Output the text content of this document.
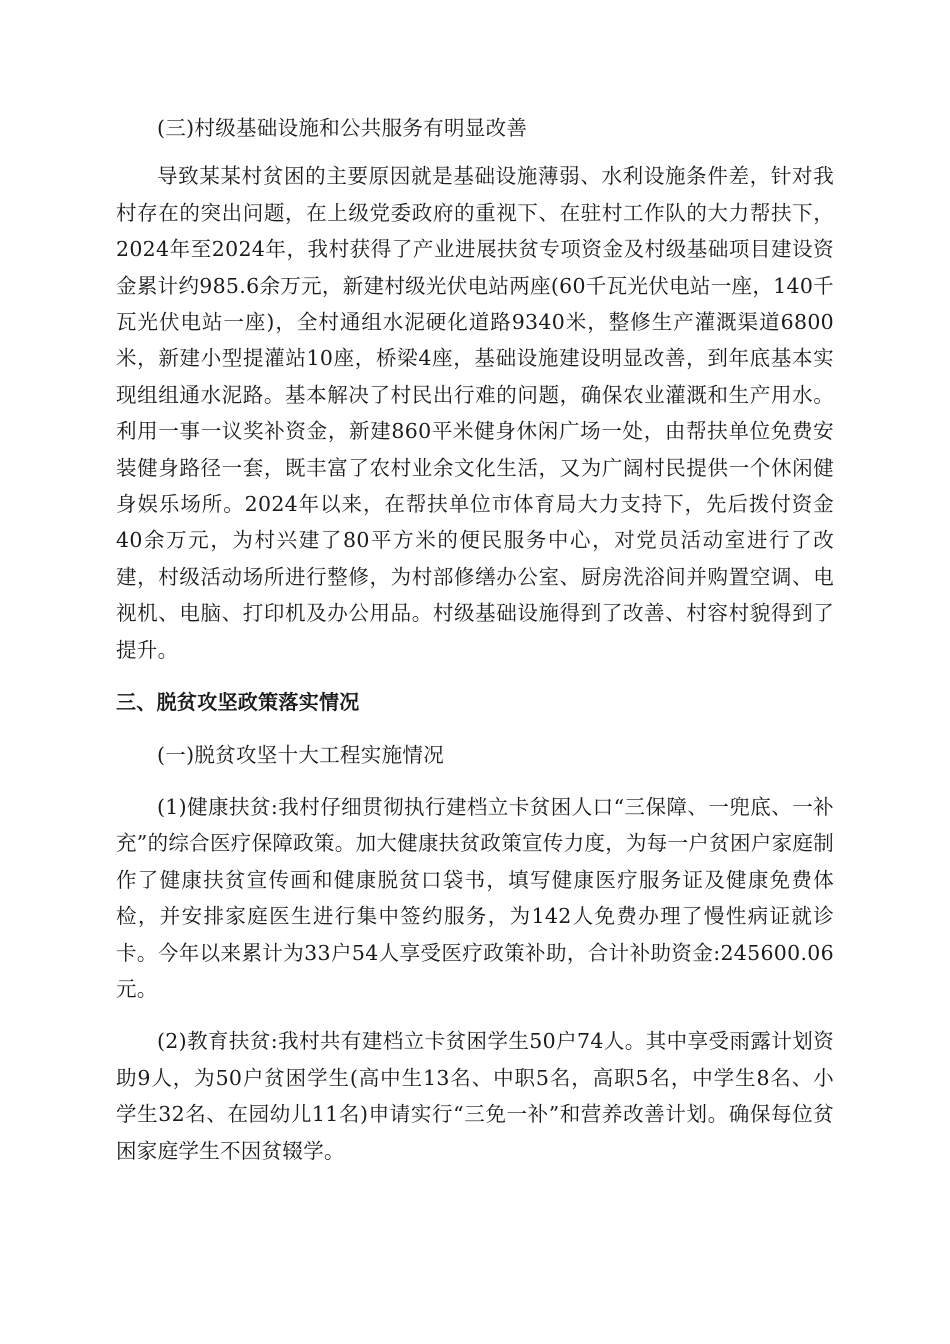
(三)村级基础设施和公共服务有明显改善

导致某某村贫困的主要原因就是基础设施薄弱、水利设施条件差，针对我村存在的突出问题，在上级党委政府的重视下、在驻村工作队的大力帮扶下，2024年至2024年，我村获得了产业进展扶贫专项资金及村级基础项目建设资金累计约985.6余万元，新建村级光伏电站两座(60千瓦光伏电站一座，140千瓦光伏电站一座)，全村通组水泥硬化道路9340米，整修生产灌溉渠道6800米，新建小型提灌站10座，桥梁4座，基础设施建设明显改善，到年底基本实现组组通水泥路。基本解决了村民出行难的问题，确保农业灌溉和生产用水。利用一事一议奖补资金，新建860平米健身休闲广场一处，由帮扶单位免费安装健身路径一套，既丰富了农村业余文化生活，又为广阔村民提供一个休闲健身娱乐场所。2024年以来，在帮扶单位市体育局大力支持下，先后拨付资金40余万元，为村兴建了80平方米的便民服务中心，对党员活动室进行了改建，村级活动场所进行整修，为村部修缮办公室、厨房洗浴间并购置空调、电视机、电脑、打印机及办公用品。村级基础设施得到了改善、村容村貌得到了提升。

三、脱贫攻坚政策落实情况

(一)脱贫攻坚十大工程实施情况

(1)健康扶贫:我村仔细贯彻执行建档立卡贫困人口“三保障、一兜底、一补充”的综合医疗保障政策。加大健康扶贫政策宣传力度，为每一户贫困户家庭制作了健康扶贫宣传画和健康脱贫口袋书，填写健康医疗服务证及健康免费体检，并安排家庭医生进行集中签约服务，为142人免费办理了慢性病证就诊卡。今年以来累计为33户54人享受医疗政策补助，合计补助资金:245600.06元。

(2)教育扶贫:我村共有建档立卡贫困学生50户74人。其中享受雨露计划资助9人，为50户贫困学生(高中生13名、中职5名，高职5名，中学生8名、小学生32名、在园幼儿11名)申请实行“三免一补”和营养改善计划。确保每位贫困家庭学生不因贫辍学。
